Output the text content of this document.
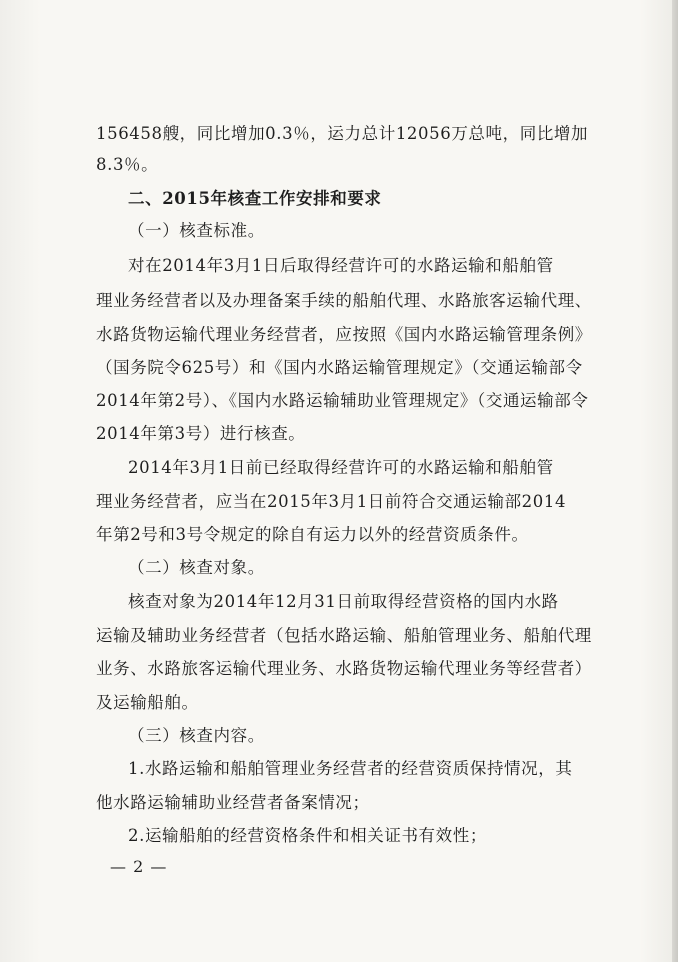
156458艘，同比增加0.3％，运力总计12056万总吨，同比增加
8.3％。
二、2015年核查工作安排和要求
（一）核查标准。
对在2014年3月1日后取得经营许可的水路运输和船舶管
理业务经营者以及办理备案手续的船舶代理、水路旅客运输代理、
水路货物运输代理业务经营者，应按照《国内水路运输管理条例》
（国务院令625号）和《国内水路运输管理规定》（交通运输部令
2014年第2号）、《国内水路运输辅助业管理规定》（交通运输部令
2014年第3号）进行核查。
2014年3月1日前已经取得经营许可的水路运输和船舶管
理业务经营者，应当在2015年3月1日前符合交通运输部2014
年第2号和3号令规定的除自有运力以外的经营资质条件。
（二）核查对象。
核查对象为2014年12月31日前取得经营资格的国内水路
运输及辅助业务经营者（包括水路运输、船舶管理业务、船舶代理
业务、水路旅客运输代理业务、水路货物运输代理业务等经营者）
及运输船舶。
（三）核查内容。
1.水路运输和船舶管理业务经营者的经营资质保持情况，其
他水路运输辅助业经营者备案情况；
2.运输船舶的经营资格条件和相关证书有效性；
— 2 —
